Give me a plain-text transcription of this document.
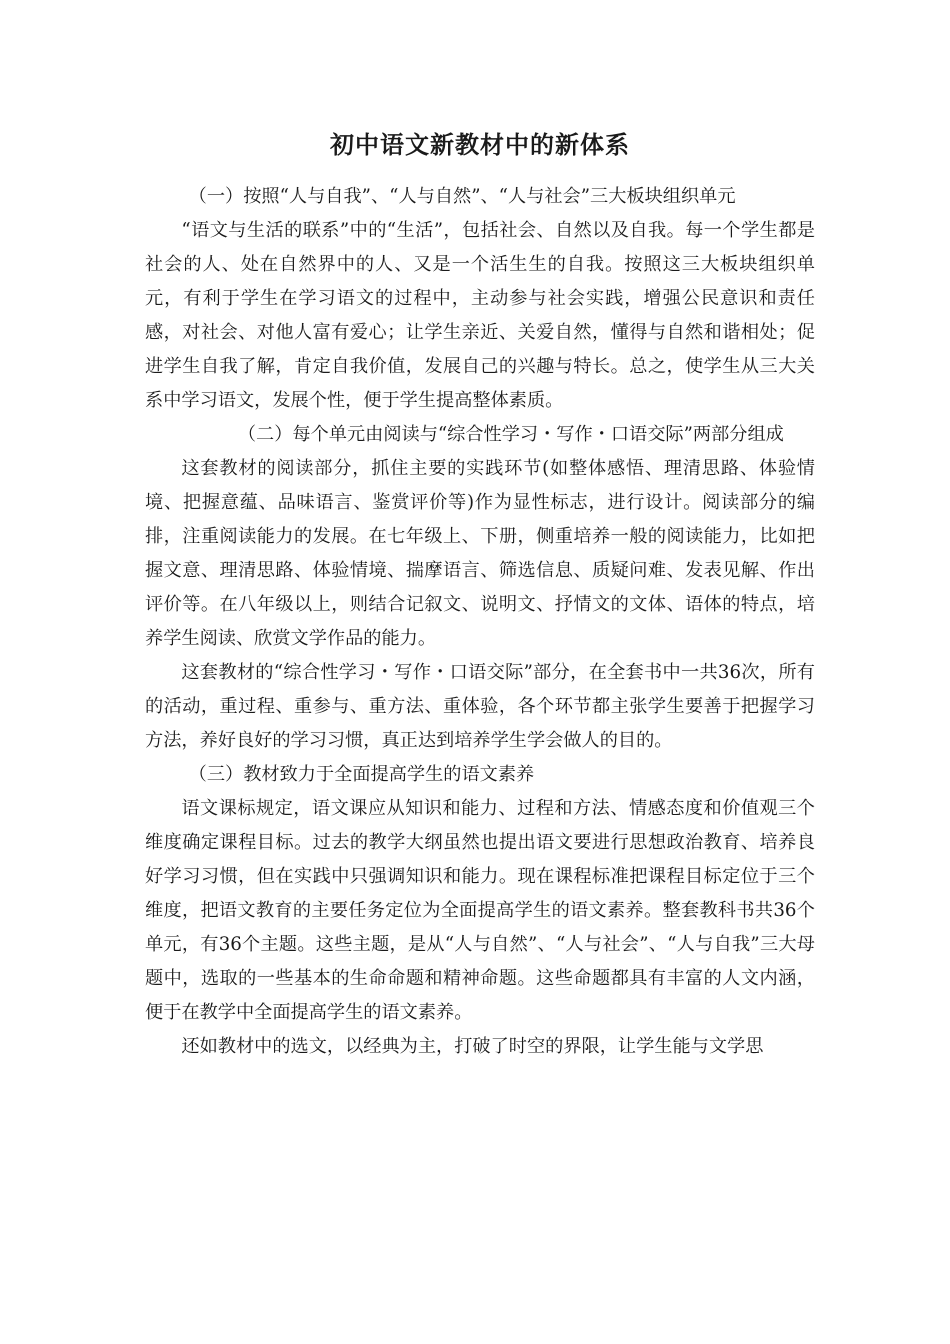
初中语文新教材中的新体系

（一）按照“人与自我”、“人与自然”、“人与社会”三大板块组织单元

“语文与生活的联系”中的“生活”，包括社会、自然以及自我。每一个学生都是社会的人、处在自然界中的人、又是一个活生生的自我。按照这三大板块组织单元，有利于学生在学习语文的过程中，主动参与社会实践，增强公民意识和责任感，对社会、对他人富有爱心；让学生亲近、关爱自然，懂得与自然和谐相处；促进学生自我了解，肯定自我价值，发展自己的兴趣与特长。总之，使学生从三大关系中学习语文，发展个性，便于学生提高整体素质。

（二）每个单元由阅读与“综合性学习・写作・口语交际”两部分组成

这套教材的阅读部分，抓住主要的实践环节(如整体感悟、理清思路、体验情境、把握意蕴、品味语言、鉴赏评价等)作为显性标志，进行设计。阅读部分的编排，注重阅读能力的发展。在七年级上、下册，侧重培养一般的阅读能力，比如把握文意、理清思路、体验情境、揣摩语言、筛选信息、质疑问难、发表见解、作出评价等。在八年级以上，则结合记叙文、说明文、抒情文的文体、语体的特点，培养学生阅读、欣赏文学作品的能力。

这套教材的“综合性学习・写作・口语交际”部分，在全套书中一共36次，所有的活动，重过程、重参与、重方法、重体验，各个环节都主张学生要善于把握学习方法，养好良好的学习习惯，真正达到培养学生学会做人的目的。

（三）教材致力于全面提高学生的语文素养

语文课标规定，语文课应从知识和能力、过程和方法、情感态度和价值观三个维度确定课程目标。过去的教学大纲虽然也提出语文要进行思想政治教育、培养良好学习习惯，但在实践中只强调知识和能力。现在课程标准把课程目标定位于三个维度，把语文教育的主要任务定位为全面提高学生的语文素养。整套教科书共36个单元，有36个主题。这些主题，是从“人与自然”、“人与社会”、“人与自我”三大母题中，选取的一些基本的生命命题和精神命题。这些命题都具有丰富的人文内涵，便于在教学中全面提高学生的语文素养。

还如教材中的选文，以经典为主，打破了时空的界限，让学生能与文学思
